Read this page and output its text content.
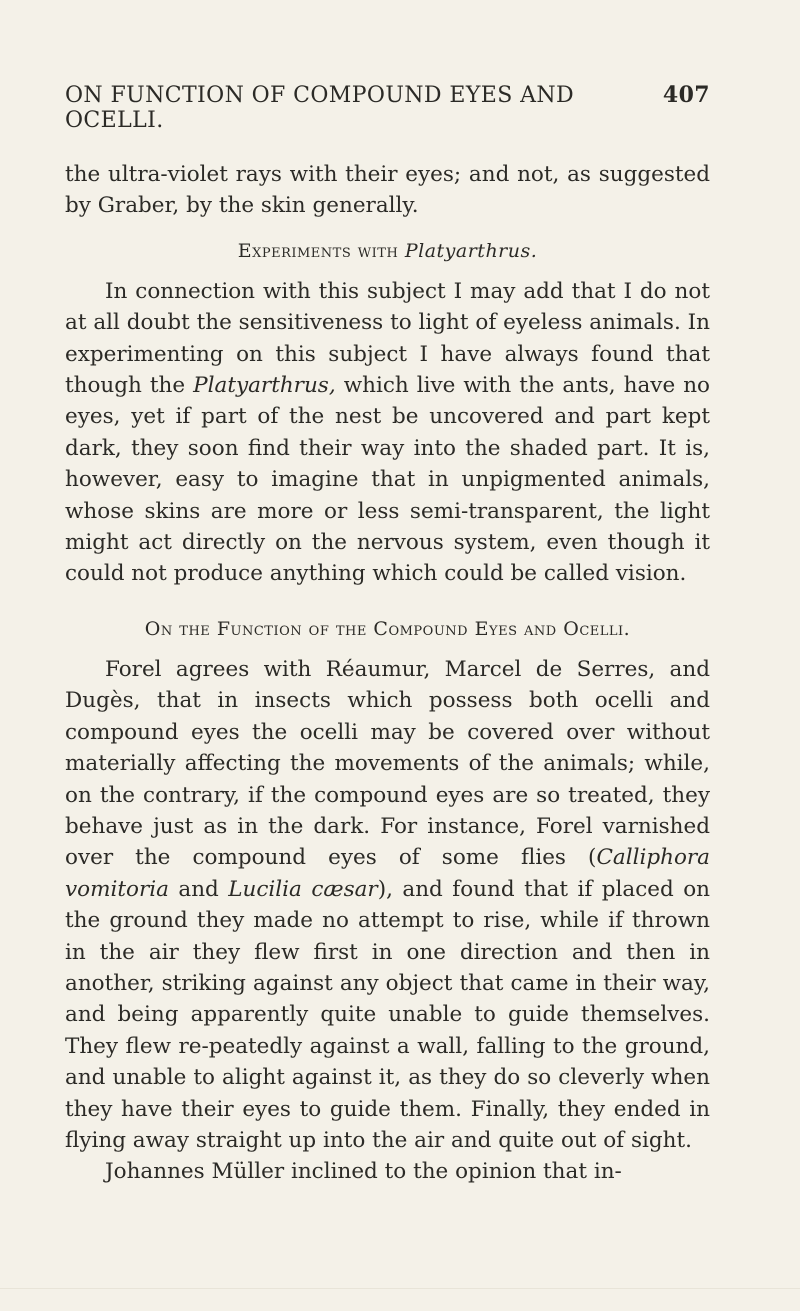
ON FUNCTION OF COMPOUND EYES AND OCELLI.
407

the ultra-violet rays with their eyes; and not, as suggested by Graber, by the skin generally.

Experiments with Platyarthrus.

In connection with this subject I may add that I do not at all doubt the sensitiveness to light of eyeless animals. In experimenting on this subject I have always found that though the Platyarthrus, which live with the ants, have no eyes, yet if part of the nest be uncovered and part kept dark, they soon find their way into the shaded part. It is, however, easy to imagine that in unpigmented animals, whose skins are more or less semi-transparent, the light might act directly on the nervous system, even though it could not produce anything which could be called vision.

On the Function of the Compound Eyes and Ocelli.

Forel agrees with Réaumur, Marcel de Serres, and Dugès, that in insects which possess both ocelli and compound eyes the ocelli may be covered over without materially affecting the movements of the animals; while, on the contrary, if the compound eyes are so treated, they behave just as in the dark. For instance, Forel varnished over the compound eyes of some flies (Calliphora vomitoria and Lucilia cæsar), and found that if placed on the ground they made no attempt to rise, while if thrown in the air they flew first in one direction and then in another, striking against any object that came in their way, and being apparently quite unable to guide themselves. They flew re-peatedly against a wall, falling to the ground, and unable to alight against it, as they do so cleverly when they have their eyes to guide them. Finally, they ended in flying away straight up into the air and quite out of sight.

Johannes Müller inclined to the opinion that in-
